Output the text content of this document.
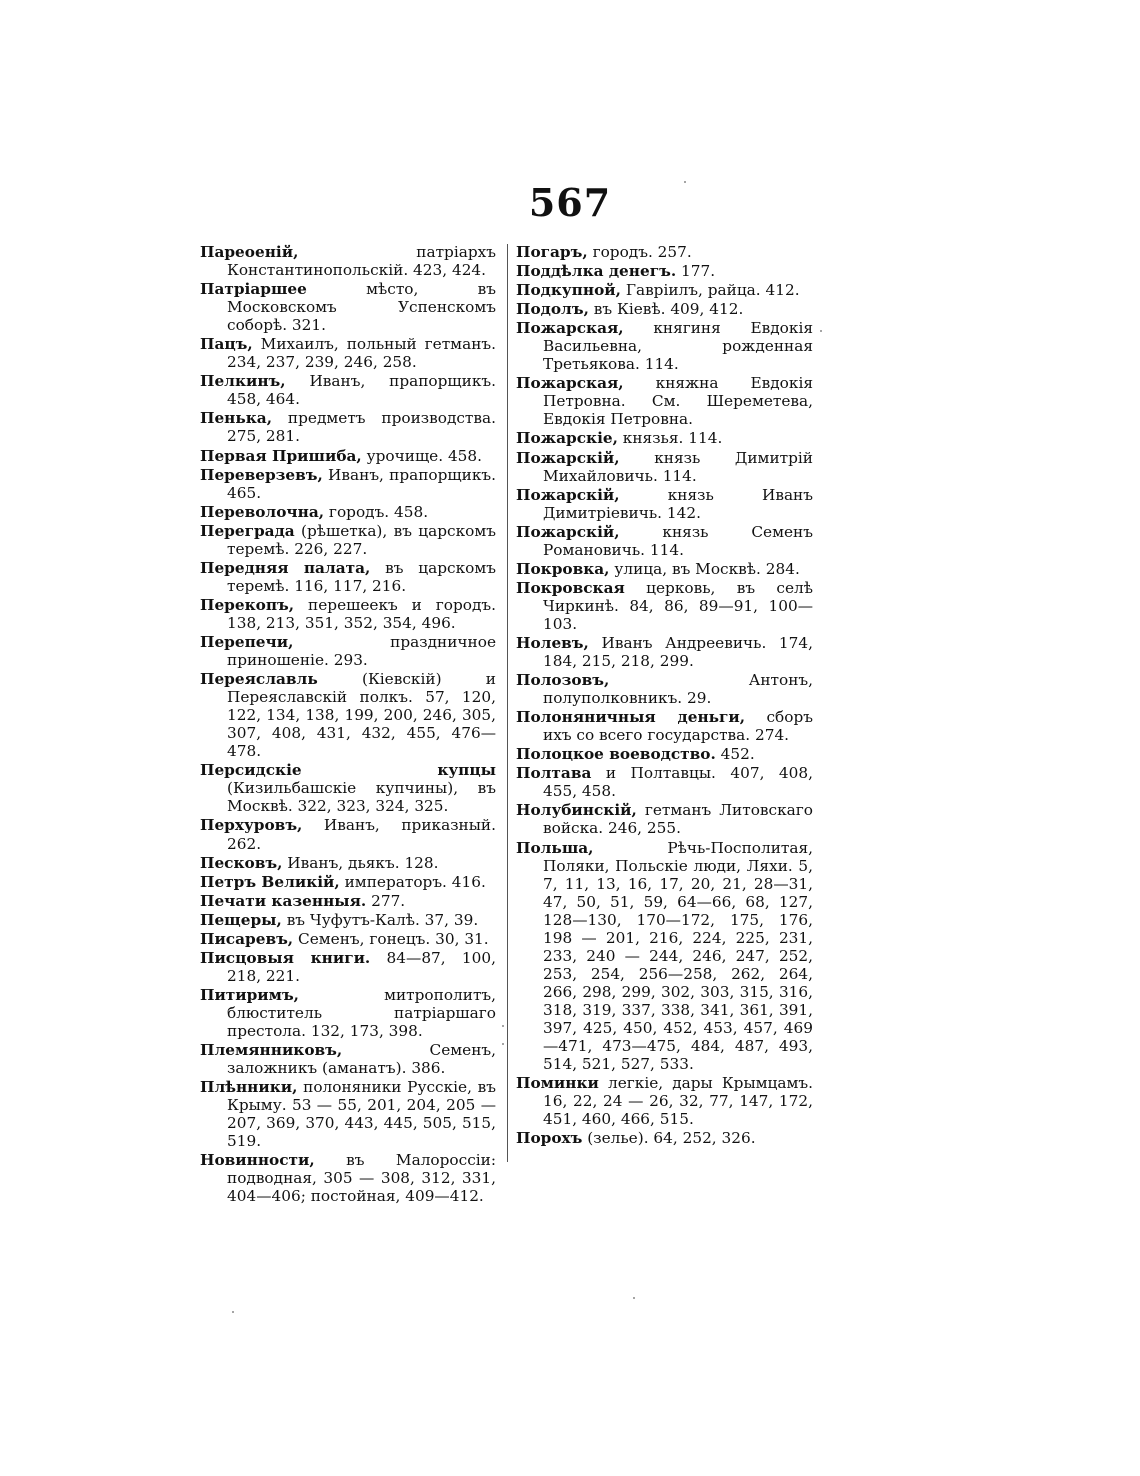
567

Пареоеній, патріархъ Константинопольскій. 423, 424.

Патріаршее мѣсто, въ Московскомъ Успенскомъ соборѣ. 321.

Пацъ, Михаилъ, польный гетманъ. 234, 237, 239, 246, 258.

Пелкинъ, Иванъ, прапорщикъ. 458, 464.

Пенька, предметъ производства. 275, 281.

Первая Пришиба, урочище. 458.

Переверзевъ, Иванъ, прапорщикъ. 465.

Переволочна, городъ. 458.

Переграда (рѣшетка), въ царскомъ теремѣ. 226, 227.

Передняя палата, въ царскомъ теремѣ. 116, 117, 216.

Перекопъ, перешеекъ и городъ. 138, 213, 351, 352, 354, 496.

Перепечи, праздничное приношеніе. 293.

Переяславль (Кіевскій) и Переяславскій полкъ. 57, 120, 122, 134, 138, 199, 200, 246, 305, 307, 408, 431, 432, 455, 476—478.

Персидскіе купцы (Кизильбашскіе купчины), въ Москвѣ. 322, 323, 324, 325.

Перхуровъ, Иванъ, приказный. 262.

Песковъ, Иванъ, дьякъ. 128.

Петръ Великій, императоръ. 416.

Печати казенныя. 277.

Пещеры, въ Чуфутъ-Калѣ. 37, 39.

Писаревъ, Семенъ, гонецъ. 30, 31.

Писцовыя книги. 84—87, 100, 218, 221.

Питиримъ, митрополитъ, блюститель патріаршаго престола. 132, 173, 398.

Племянниковъ, Семенъ, заложникъ (аманатъ). 386.

Плѣнники, полоняники Русскіе, въ Крыму. 53 — 55, 201, 204, 205 — 207, 369, 370, 443, 445, 505, 515, 519.

Новинности, въ Малороссіи: подводная, 305 — 308, 312, 331, 404—406; постойная, 409—412.

Погаръ, городъ. 257.

Поддѣлка денегъ. 177.

Подкупной, Гавріилъ, райца. 412.

Подолъ, въ Кіевѣ. 409, 412.

Пожарская, княгиня Евдокія Васильевна, рожденная Третьякова. 114.

Пожарская, княжна Евдокія Петровна. См. Шереметева, Евдокія Петровна.

Пожарскіе, князья. 114.

Пожарскій, князь Димитрій Михайловичь. 114.

Пожарскій, князь Иванъ Димитріевичь. 142.

Пожарскій, князь Семенъ Романовичь. 114.

Покровка, улица, въ Москвѣ. 284.

Покровская церковь, въ селѣ Чиркинѣ. 84, 86, 89—91, 100—103.

Нолевъ, Иванъ Андреевичь. 174, 184, 215, 218, 299.

Полозовъ, Антонъ, полуполковникъ. 29.

Полоняничныя деньги, сборъ ихъ со всего государства. 274.

Полоцкое воеводство. 452.

Полтава и Полтавцы. 407, 408, 455, 458.

Нолубинскій, гетманъ Литовскаго войска. 246, 255.

Польша, Рѣчь-Посполитая, Поляки, Польскіе люди, Ляхи. 5, 7, 11, 13, 16, 17, 20, 21, 28—31, 47, 50, 51, 59, 64—66, 68, 127, 128—130, 170—172, 175, 176, 198 — 201, 216, 224, 225, 231, 233, 240 — 244, 246, 247, 252, 253, 254, 256—258, 262, 264, 266, 298, 299, 302, 303, 315, 316, 318, 319, 337, 338, 341, 361, 391, 397, 425, 450, 452, 453, 457, 469—471, 473—475, 484, 487, 493, 514, 521, 527, 533.

Поминки легкіе, дары Крымцамъ. 16, 22, 24 — 26, 32, 77, 147, 172, 451, 460, 466, 515.

Порохъ (зелье). 64, 252, 326.
